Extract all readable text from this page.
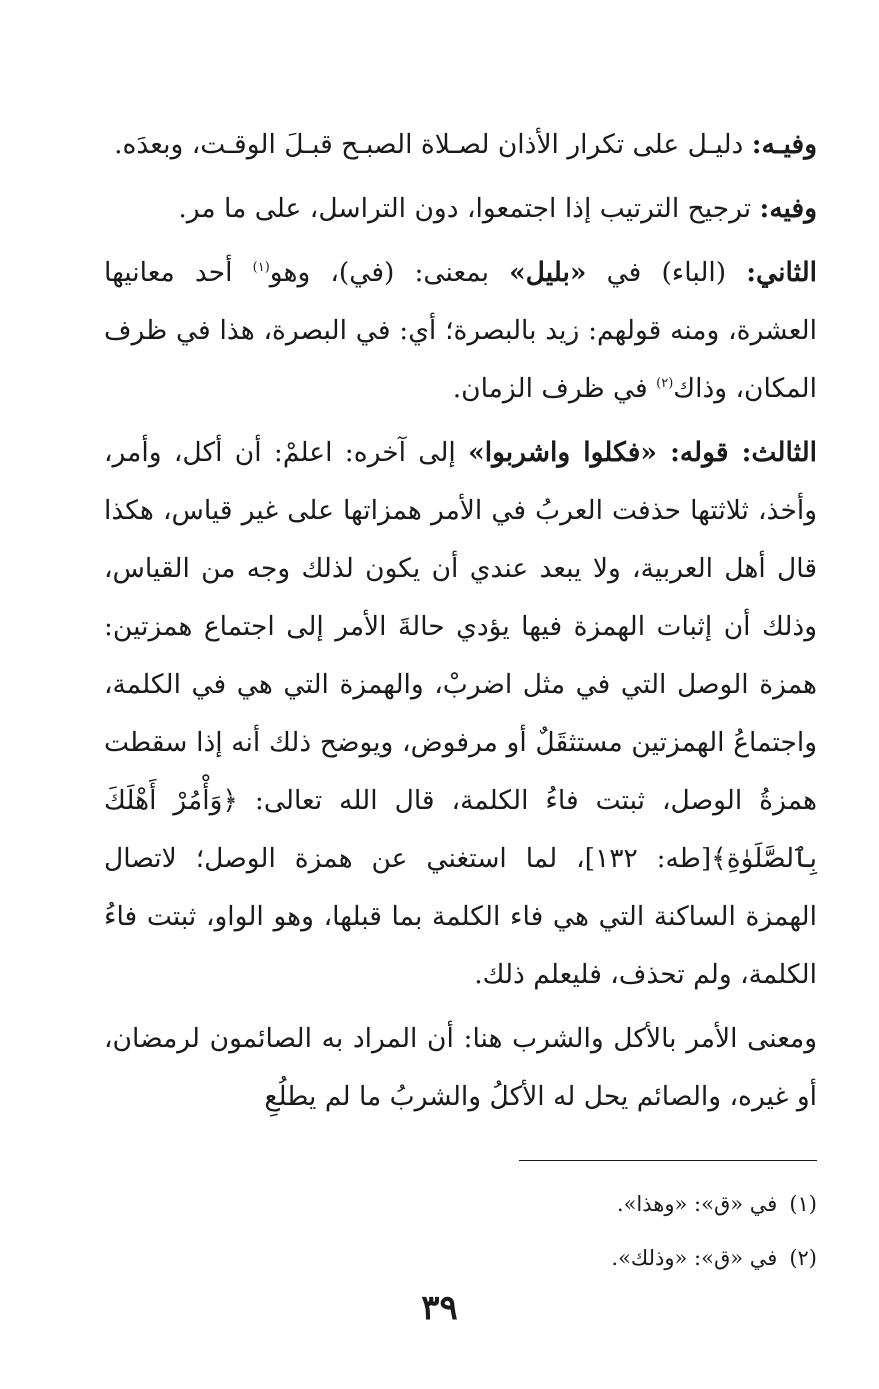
وفيـه: دليـل على تكرار الأذان لصـلاة الصبـح قبـلَ الوقـت، وبعدَه.

وفيه: ترجيح الترتيب إذا اجتمعوا، دون التراسل، على ما مر.

الثاني: (الباء) في «بليل» بمعنى: (في)، وهو$^{(١)}$ أحد معانيها العشرة، ومنه قولهم: زيد بالبصرة؛ أي: في البصرة، هذا في ظرف المكان، وذاك$^{(٢)}$ في ظرف الزمان.

الثالث: قوله: «فكلوا واشربوا» إلى آخره: اعلمْ: أن أكل، وأمر، وأخذ، ثلاثتها حذفت العربُ في الأمر همزاتها على غير قياس، هكذا قال أهل العربية، ولا يبعد عندي أن يكون لذلك وجه من القياس، وذلك أن إثبات الهمزة فيها يؤدي حالةَ الأمر إلى اجتماع همزتين: همزة الوصل التي في مثل اضربْ، والهمزة التي هي في الكلمة، واجتماعُ الهمزتين مستثقَلٌ أو مرفوض، ويوضح ذلك أنه إذا سقطت همزةُ الوصل، ثبتت فاءُ الكلمة، قال الله تعالى: ﴿وَأْمُرْ أَهْلَكَ بِٱلصَّلَوٰةِ﴾[طه: ١٣٢]، لما استغني عن همزة الوصل؛ لاتصال الهمزة الساكنة التي هي فاء الكلمة بما قبلها، وهو الواو، ثبتت فاءُ الكلمة، ولم تحذف، فليعلم ذلك.

ومعنى الأمر بالأكل والشرب هنا: أن المراد به الصائمون لرمضان، أو غيره، والصائم يحل له الأكلُ والشربُ ما لم يطلُعِ

(١)في «ق»: «وهذا».

(٢)في «ق»: «وذلك».

٣٩
